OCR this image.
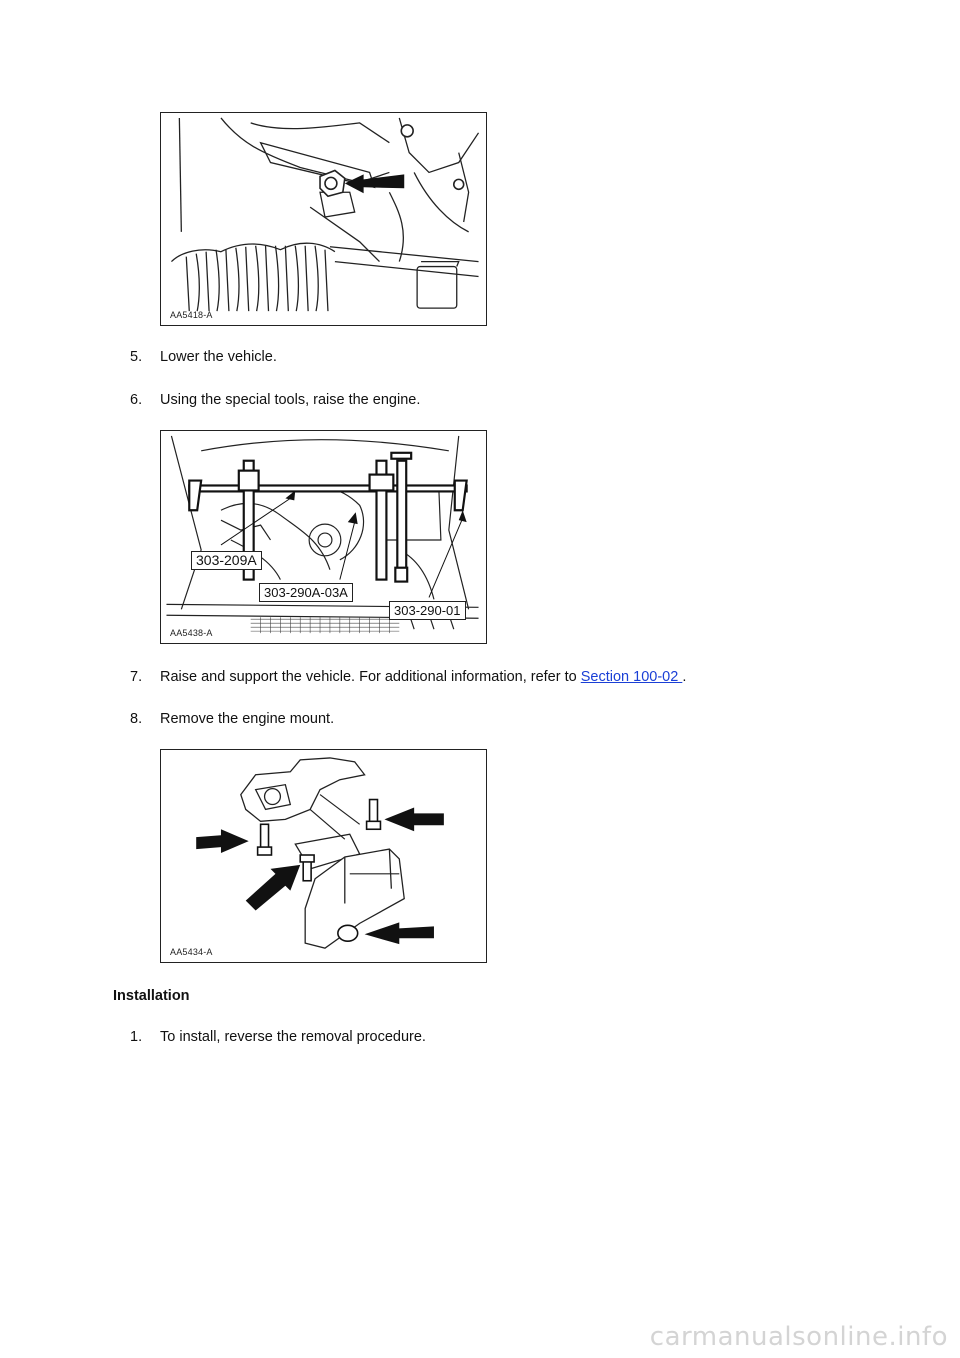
AA5418-A
5. Lower the vehicle.
6. Using the special tools, raise the engine.
303-209A
303-290A-03A
303-290-01
AA5438-A
7. Raise and support the vehicle. For additional information, refer to Section 100-02 .
8. Remove the engine mount.
AA5434-A
Installation
1. To install, reverse the removal procedure.
carmanualsonline.info
